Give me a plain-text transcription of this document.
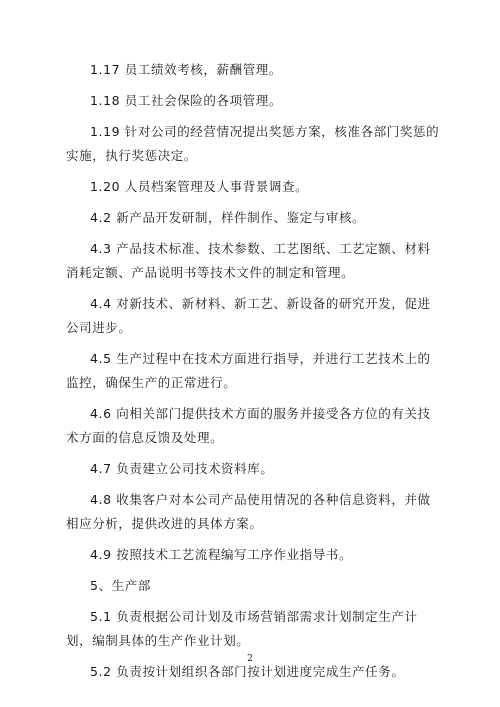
1.17 员工绩效考核，薪酬管理。

1.18 员工社会保险的各项管理。

1.19 针对公司的经营情况提出奖惩方案，核准各部门奖惩的实施，执行奖惩决定。

1.20 人员档案管理及人事背景调查。

4.2 新产品开发研制，样件制作、鉴定与审核。

4.3 产品技术标准、技术参数、工艺图纸、工艺定额、材料消耗定额、产品说明书等技术文件的制定和管理。

4.4 对新技术、新材料、新工艺、新设备的研究开发，促进公司进步。

4.5 生产过程中在技术方面进行指导，并进行工艺技术上的监控，确保生产的正常进行。

4.6 向相关部门提供技术方面的服务并接受各方位的有关技术方面的信息反馈及处理。

4.7 负责建立公司技术资料库。

4.8 收集客户对本公司产品使用情况的各种信息资料，并做相应分析，提供改进的具体方案。

4.9 按照技术工艺流程编写工序作业指导书。

5、生产部

5.1 负责根据公司计划及市场营销部需求计划制定生产计划，编制具体的生产作业计划。

5.2 负责按计划组织各部门按计划进度完成生产任务。

2
